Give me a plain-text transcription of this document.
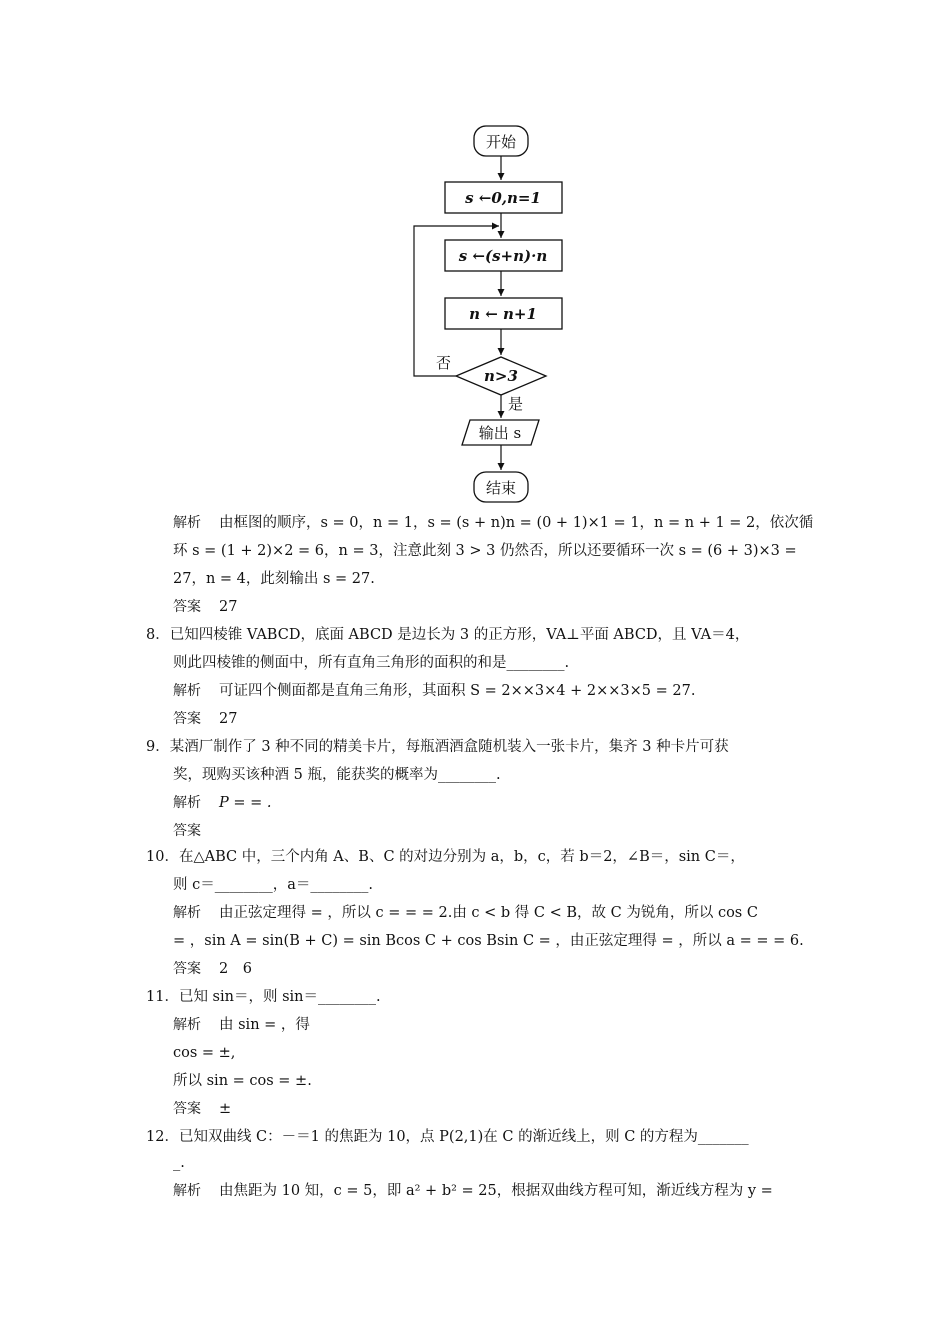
开始
s ←0,n=1
s ←(s+n)·n
n ← n+1
n>3
否
是
输出 s
结束
解析 由框图的顺序，s = 0，n = 1，s = (s + n)n = (0 + 1)×1 = 1，n = n + 1 = 2，依次循
环 s = (1 + 2)×2 = 6，n = 3，注意此刻 3 > 3 仍然否，所以还要循环一次 s = (6 + 3)×3 =
27，n = 4，此刻输出 s = 27.
答案 27
8．已知四棱锥 VABCD，底面 ABCD 是边长为 3 的正方形，VA⊥平面 ABCD，且 VA＝4，
则此四棱锥的侧面中，所有直角三角形的面积的和是________.
解析 可证四个侧面都是直角三角形，其面积 S = 2××3×4 + 2××3×5 = 27.
答案 27
9．某酒厂制作了 3 种不同的精美卡片，每瓶酒酒盒随机装入一张卡片，集齐 3 种卡片可获
奖，现购买该种酒 5 瓶，能获奖的概率为________.
解析 P = = .
答案
10．在△ABC 中，三个内角 A、B、C 的对边分别为 a，b，c，若 b＝2，∠B＝，sin C＝，
则 c＝________，a＝________.
解析 由正弦定理得 = ，所以 c = = = 2.由 c < b 得 C < B，故 C 为锐角，所以 cos C
= ，sin A = sin(B + C) = sin Bcos C + cos Bsin C = ，由正弦定理得 = ，所以 a = = = 6.
答案 2　6
11．已知 sin＝，则 sin＝________.
解析 由 sin = ，得
cos = ±,
所以 sin = cos = ±.
答案 ±
12．已知双曲线 C：－＝1 的焦距为 10，点 P(2,1)在 C 的渐近线上，则 C 的方程为_______
_.
解析 由焦距为 10 知，c = 5，即 a² + b² = 25，根据双曲线方程可知，渐近线方程为 y =
